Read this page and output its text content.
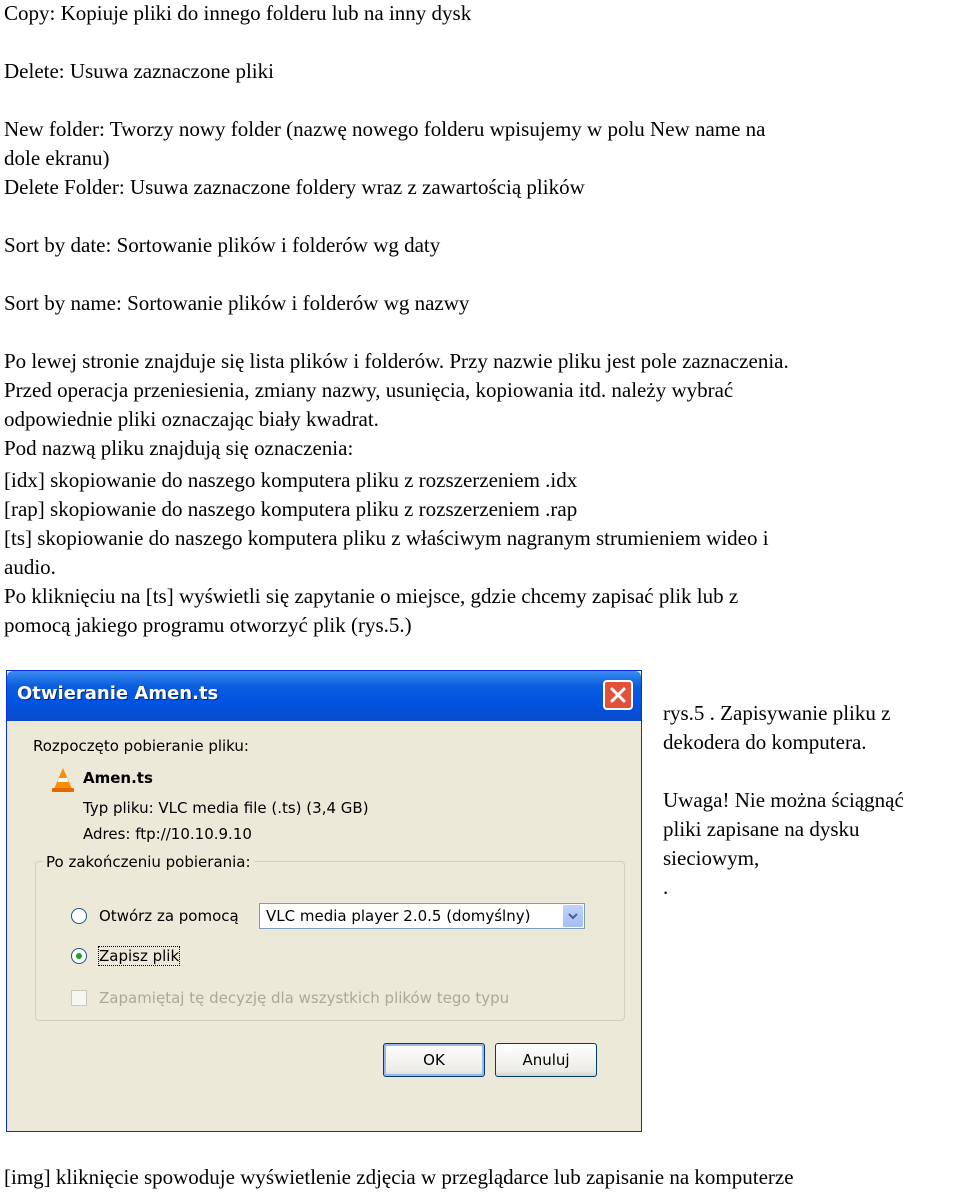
Copy: Kopiuje pliki do innego folderu lub na inny dysk
Delete: Usuwa zaznaczone pliki
New folder: Tworzy nowy folder (nazwę nowego folderu wpisujemy w polu New name na
dole ekranu)
Delete Folder: Usuwa zaznaczone foldery wraz z zawartością plików
Sort by date: Sortowanie plików i folderów wg daty
Sort by name: Sortowanie plików i folderów wg nazwy
Po lewej stronie znajduje się lista plików i folderów. Przy nazwie pliku jest pole zaznaczenia.
Przed operacja przeniesienia, zmiany nazwy, usunięcia, kopiowania itd. należy wybrać
odpowiednie pliki oznaczając biały kwadrat.
Pod nazwą pliku znajdują się oznaczenia:
[idx] skopiowanie do naszego komputera pliku z rozszerzeniem .idx
[rap] skopiowanie do naszego komputera pliku z rozszerzeniem .rap
[ts] skopiowanie do naszego komputera pliku z właściwym nagranym strumieniem wideo i
audio.
Po kliknięciu na [ts] wyświetli się zapytanie o miejsce, gdzie chcemy zapisać plik lub z
pomocą jakiego programu otworzyć plik (rys.5.)
rys.5 . Zapisywanie pliku z
dekodera do komputera.
Uwaga! Nie można ściągnąć
pliki zapisane na dysku
sieciowym,
.
[img] kliknięcie spowoduje wyświetlenie zdjęcia w przeglądarce lub zapisanie na komputerze
Otwieranie Amen.ts
Rozpoczęto pobieranie pliku:
Amen.ts
Typ pliku: VLC media file (.ts) (3,4 GB)
Adres: ftp://10.10.9.10
Po zakończeniu pobierania:
Otwórz za pomocą VLC media player 2.0.5 (domyślny)
Zapisz plik
Zapamiętaj tę decyzję dla wszystkich plików tego typu
OK	Anuluj
